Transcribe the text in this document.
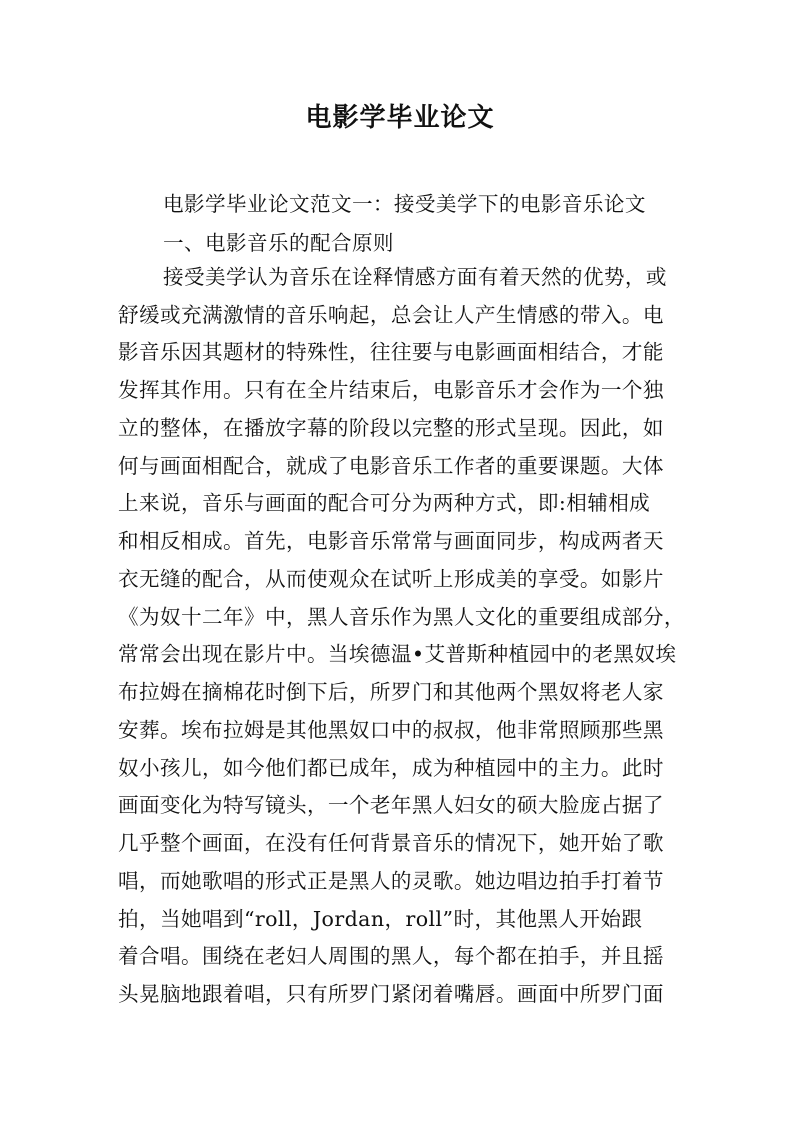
电影学毕业论文
电影学毕业论文范文一：接受美学下的电影音乐论文
一、电影音乐的配合原则
接受美学认为音乐在诠释情感方面有着天然的优势，或
舒缓或充满激情的音乐响起，总会让人产生情感的带入。电
影音乐因其题材的特殊性，往往要与电影画面相结合，才能
发挥其作用。只有在全片结束后，电影音乐才会作为一个独
立的整体，在播放字幕的阶段以完整的形式呈现。因此，如
何与画面相配合，就成了电影音乐工作者的重要课题。大体
上来说，音乐与画面的配合可分为两种方式，即:相辅相成
和相反相成。首先，电影音乐常常与画面同步，构成两者天
衣无缝的配合，从而使观众在试听上形成美的享受。如影片
《为奴十二年》中，黑人音乐作为黑人文化的重要组成部分，
常常会出现在影片中。当埃德温•艾普斯种植园中的老黑奴埃
布拉姆在摘棉花时倒下后，所罗门和其他两个黑奴将老人家
安葬。埃布拉姆是其他黑奴口中的叔叔，他非常照顾那些黑
奴小孩儿，如今他们都已成年，成为种植园中的主力。此时
画面变化为特写镜头，一个老年黑人妇女的硕大脸庞占据了
几乎整个画面，在没有任何背景音乐的情况下，她开始了歌
唱，而她歌唱的形式正是黑人的灵歌。她边唱边拍手打着节
拍，当她唱到“roll，Jordan，roll”时，其他黑人开始跟
着合唱。围绕在老妇人周围的黑人，每个都在拍手，并且摇
头晃脑地跟着唱，只有所罗门紧闭着嘴唇。画面中所罗门面
